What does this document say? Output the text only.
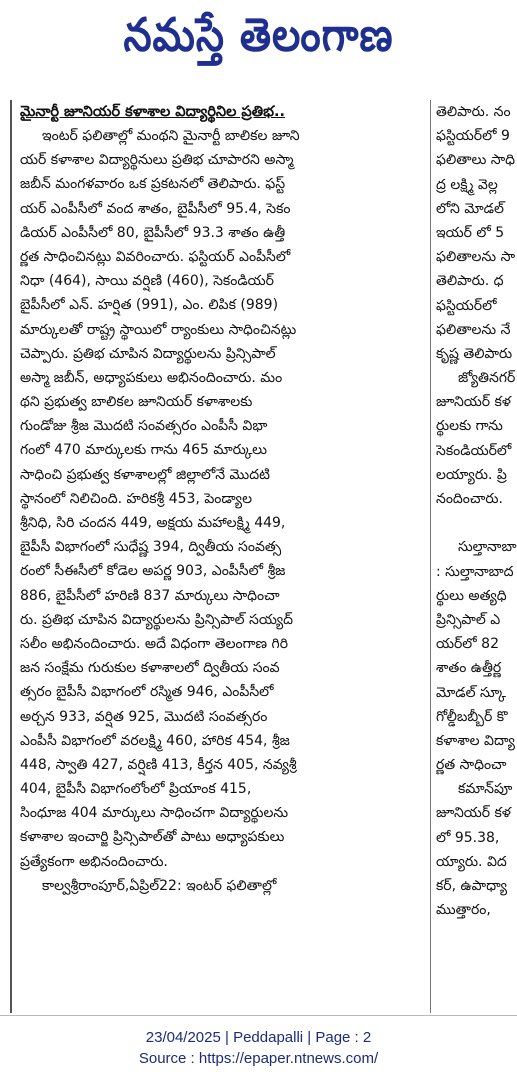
నమస్తే తెలంగాణ
మైనార్టీ జూనియర్ కళాశాల విద్యార్థినిల ప్రతిభ..
ఇంటర్ ఫలితాల్లో మంథని మైనార్టీ బాలికల జూని
యర్ కళాశాల విద్యార్థినులు ప్రతిభ చూపారని అస్మా
జబీన్ మంగళవారం ఒక ప్రకటనలో తెలిపారు. ఫస్ట్
యర్ ఎంపీసీలో వంద శాతం, బైపీసీలో 95.4, సెకం
డియర్ ఎంపీసీలో 80, బైపీసీలో 93.3 శాతం ఉత్తీ
ర్ణత సాధించినట్లు వివరించారు. ఫస్టియర్ ఎంపీసీలో
నిధా (464), సాయి వర్షిణి (460), సెకండియర్
బైపీసీలో ఎన్. హర్షిత (991), ఎం. లిపిక (989)
మార్కులతో రాష్ట్ర స్థాయిలో ర్యాంకులు సాధించినట్లు
చెప్పారు. ప్రతిభ చూపిన విద్యార్థులను ప్రిన్సిపాల్
అస్మా జబీన్, అధ్యాపకులు అభినందించారు. మం
థని ప్రభుత్వ బాలికల జూనియర్ కళాశాలకు
గుండోజు శ్రీజ మొదటి సంవత్సరం ఎంపీసీ విభా
గంలో 470 మార్కులకు గాను 465 మార్కులు
సాధించి ప్రభుత్వ కళాశాలల్లో జిల్లాలోనే మొదటి
స్థానంలో నిలిచింది. హరికశ్రీ 453, పెండ్యాల
శ్రీనిధి, సిరి చందన 449, అక్షయ మహాలక్ష్మి 449,
బైపీసీ విభాగంలో సుధేష్ణ 394, ద్వితీయ సంవత్స
రంలో సీఈసీలో కోడెల అపర్ణ 903, ఎంపీసీలో శ్రీజ
886, బైపీసీలో హరిణి 837 మార్కులు సాధించా
రు. ప్రతిభ చూపిన విద్యార్థులను ప్రిన్సిపాల్ సయ్యద్
సలీం అభినందించారు. అదే విధంగా తెలంగాణ గిరి
జన సంక్షేమ గురుకుల కళాశాలలో ద్వితీయ సంవ
త్సరం బైపీసీ విభాగంలో రస్మిత 946, ఎంపీసీలో
అర్చన 933, వర్షిత 925, మొదటి సంవత్సరం
ఎంపీసీ విభాగంలో వరలక్ష్మి 460, హారిక 454, శ్రీజ
448, స్వాతి 427, వర్షిణి 413, కీర్తన 405, నవ్యశ్రీ
404, బైపీసీ విభాగంలోంలో ప్రియాంక 415,
సింధూజ 404 మార్కులు సాధించగా విద్యార్థులను
కళాశాల ఇంచార్జి ప్రిన్సిపాల్‌తో పాటు అధ్యాపకులు
ప్రత్యేకంగా అభినందించారు.
కాల్వశ్రీరాంపూర్,ఏప్రిల్22: ఇంటర్ ఫలితాల్లో
తెలిపారు. నం
ఫస్టియర్‌లో 9
ఫలితాలు సాధి
ద్ర లక్ష్మి వెల్ల
లోని మోడల్
ఇయర్ లో 5
ఫలితాలను సా
తెలిపారు. ధ
ఫస్టియర్‌లో
ఫలితాలను నే
కృష్ణ తెలిపారు
జ్యోతినగర్
జూనియర్ కళ
ర్థులకు గాను
సెకండియర్‌లో
లయ్యారు. ప్రి
నందించారు.
సుల్తానాబా
: సుల్తానాబాద
ర్థులు అత్యధి
ప్రిన్సిపాల్ ఎ
యర్‌లో 82
శాతం ఉత్తీర్ణ
మోడల్ స్కూ
గోల్డీబబ్బీర్ కొ
కళాశాల విద్యా
ర్ణత సాధించా
కమాన్‌పూ
జూనియర్ కళ
లో 95.38,
య్యారు. విద
కర్, ఉపాధ్యా
ముత్తారం,
23/04/2025 | Peddapalli | Page : 2
Source : https://epaper.ntnews.com/
